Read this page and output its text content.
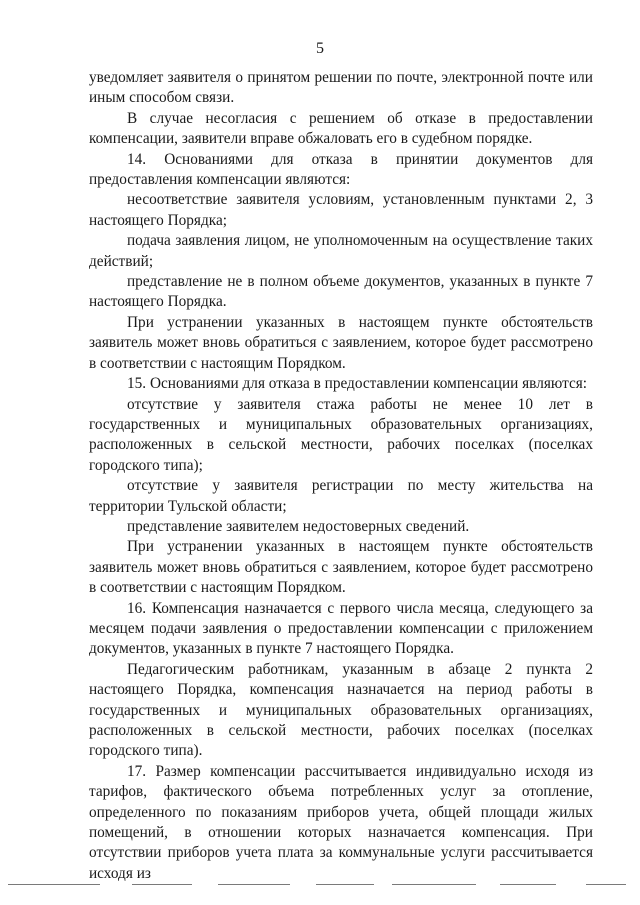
5

уведомляет заявителя о принятом решении по почте, электронной почте или иным способом связи.

В случае несогласия с решением об отказе в предоставлении компенсации, заявители вправе обжаловать его в судебном порядке.

14. Основаниями для отказа в принятии документов для предоставления компенсации являются:

несоответствие заявителя условиям, установленным пунктами 2, 3 настоящего Порядка;

подача заявления лицом, не уполномоченным на осуществление таких действий;

представление не в полном объеме документов, указанных в пункте 7 настоящего Порядка.

При устранении указанных в настоящем пункте обстоятельств заявитель может вновь обратиться с заявлением, которое будет рассмотрено в соответствии с настоящим Порядком.

15. Основаниями для отказа в предоставлении компенсации являются:

отсутствие у заявителя стажа работы не менее 10 лет в государственных и муниципальных образовательных организациях, расположенных в сельской местности, рабочих поселках (поселках городского типа);

отсутствие у заявителя регистрации по месту жительства на территории Тульской области;

представление заявителем недостоверных сведений.

При устранении указанных в настоящем пункте обстоятельств заявитель может вновь обратиться с заявлением, которое будет рассмотрено в соответствии с настоящим Порядком.

16. Компенсация назначается с первого числа месяца, следующего за месяцем подачи заявления о предоставлении компенсации с приложением документов, указанных в пункте 7 настоящего Порядка.

Педагогическим работникам, указанным в абзаце 2 пункта 2 настоящего Порядка, компенсация назначается на период работы в государственных и муниципальных образовательных организациях, расположенных в сельской местности, рабочих поселках (поселках городского типа).

17. Размер компенсации рассчитывается индивидуально исходя из тарифов, фактического объема потребленных услуг за отопление, определенного по показаниям приборов учета, общей площади жилых помещений, в отношении которых назначается компенсация. При отсутствии приборов учета плата за коммунальные услуги рассчитывается исходя из
